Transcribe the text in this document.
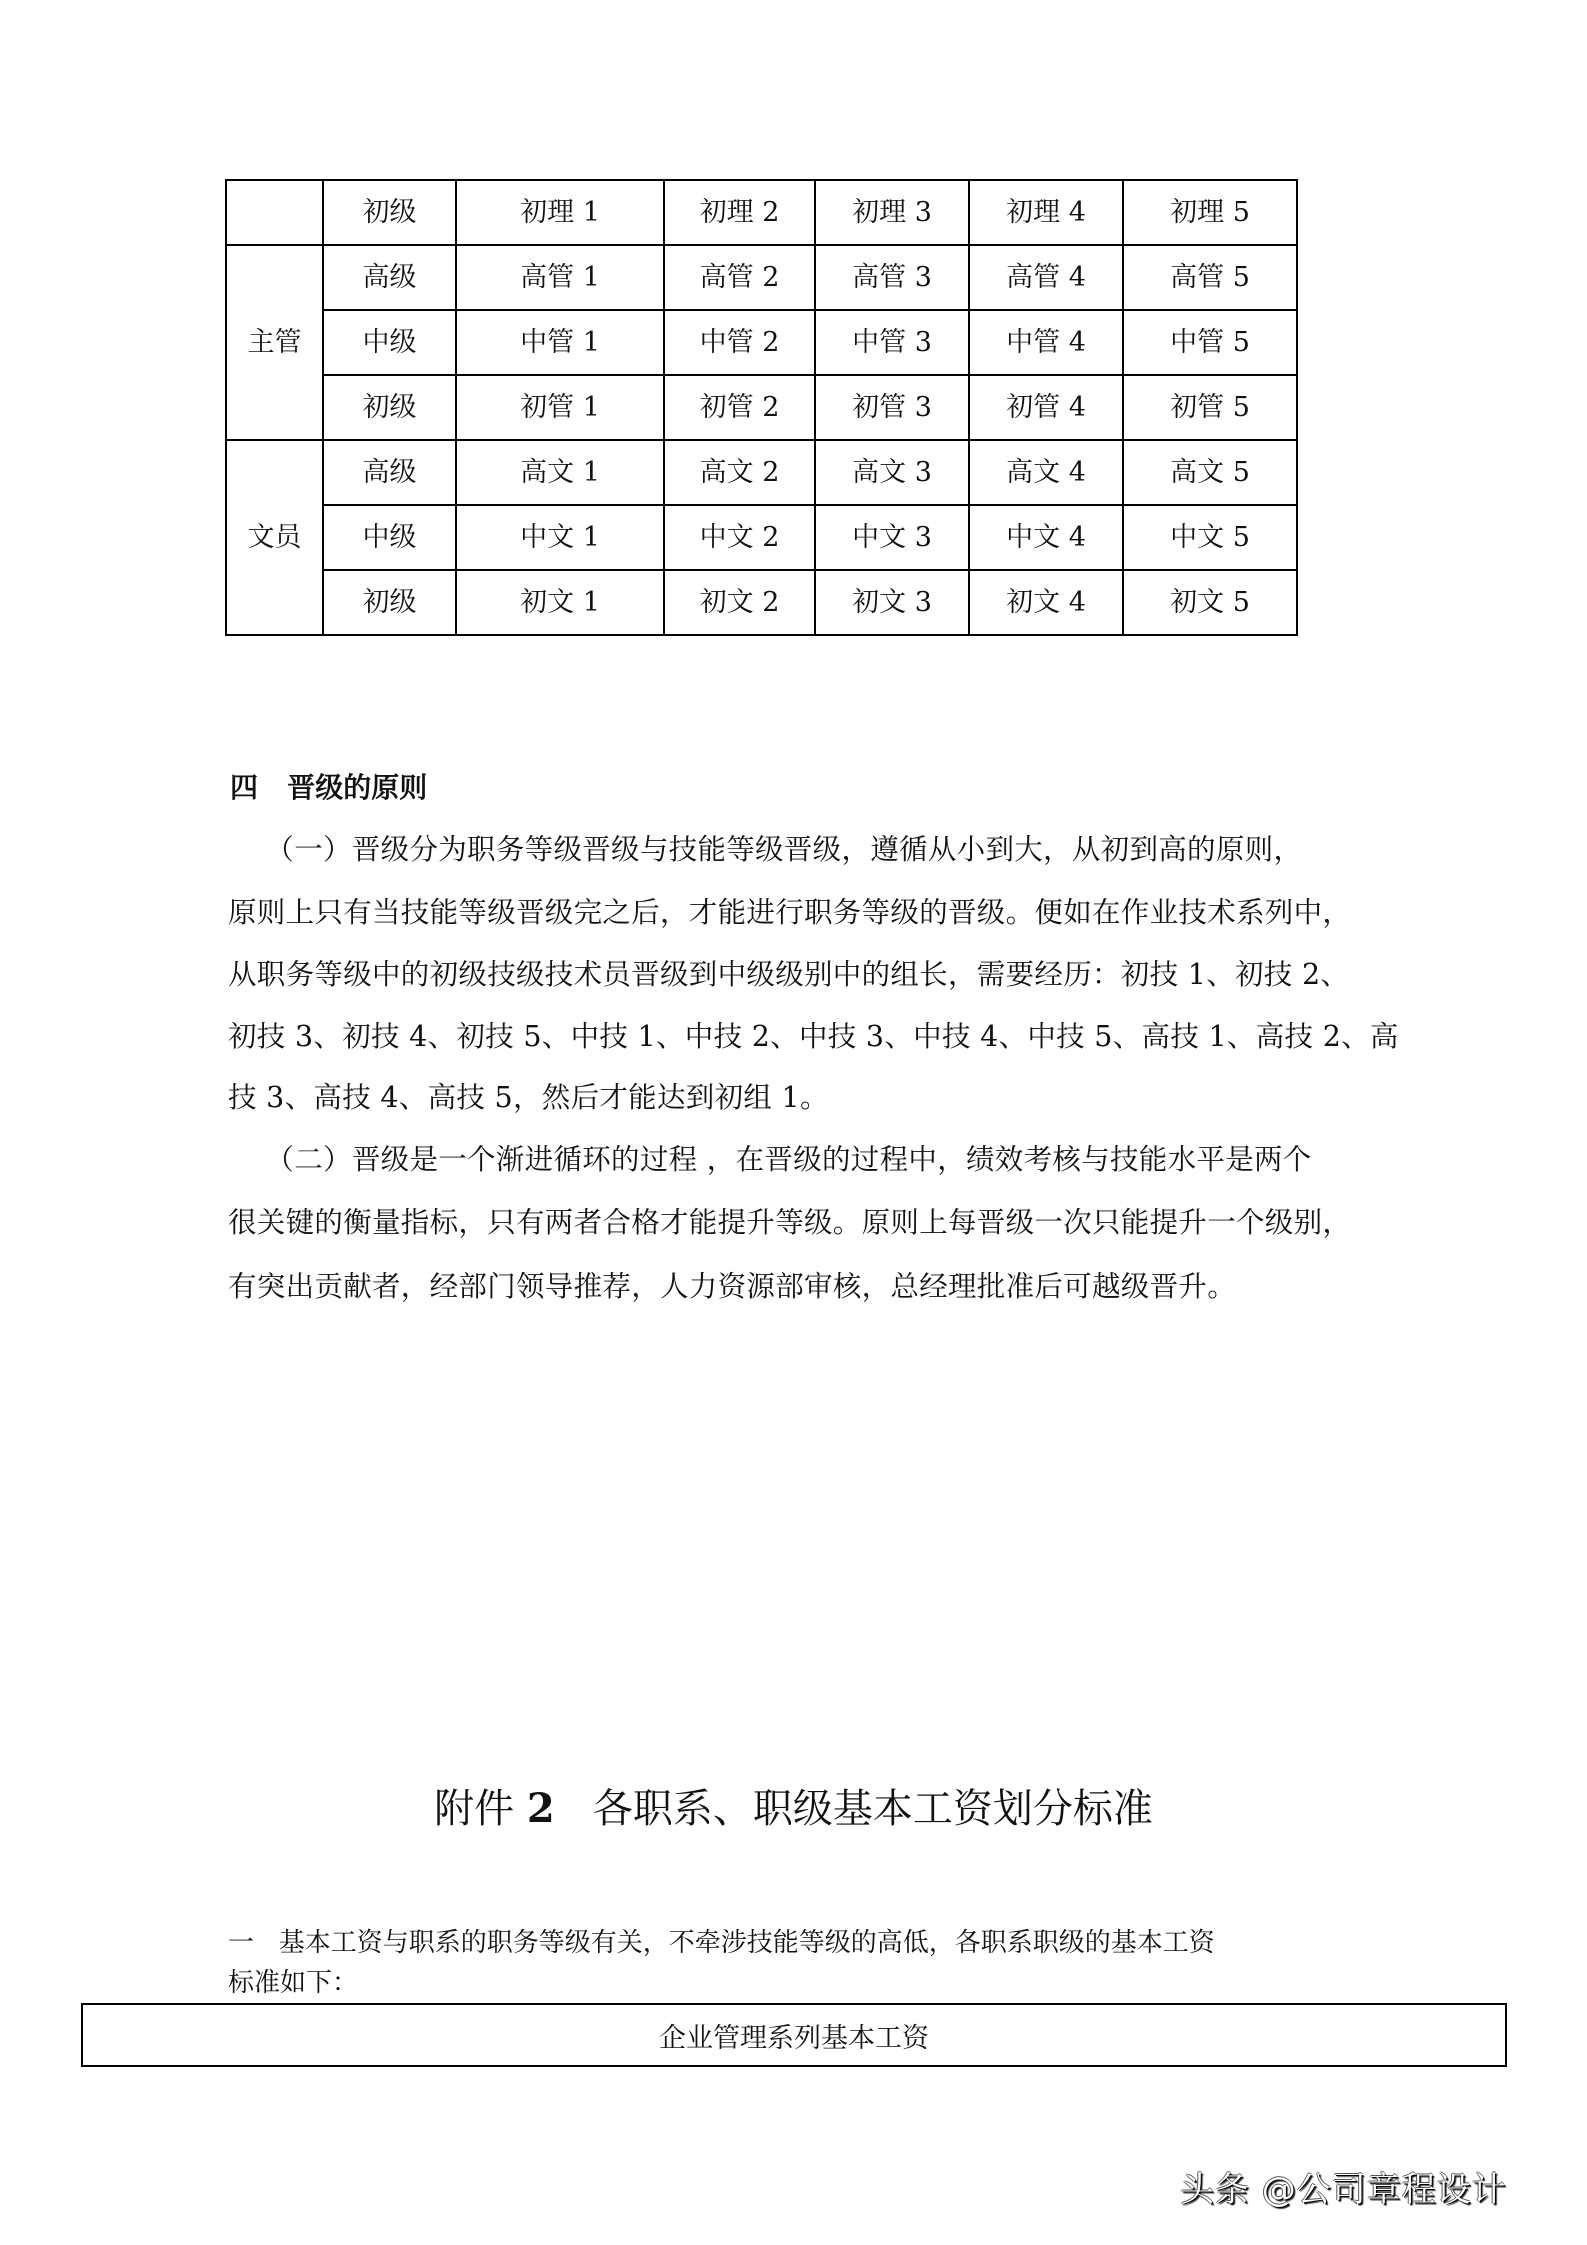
	初级	初理 1	初理 2	初理 3	初理 4	初理 5
主管	高级	高管 1	高管 2	高管 3	高管 4	高管 5
	中级	中管 1	中管 2	中管 3	中管 4	中管 5
	初级	初管 1	初管 2	初管 3	初管 4	初管 5
文员	高级	高文 1	高文 2	高文 3	高文 4	高文 5
	中级	中文 1	中文 2	中文 3	中文 4	中文 5
	初级	初文 1	初文 2	初文 3	初文 4	初文 5
四   晋级的原则
（一）晋级分为职务等级晋级与技能等级晋级，遵循从小到大，从初到高的原则，
原则上只有当技能等级晋级完之后，才能进行职务等级的晋级。便如在作业技术系列中，
从职务等级中的初级技级技术员晋级到中级级别中的组长，需要经历：初技 1、初技 2、
初技 3、初技 4、初技 5、中技 1、中技 2、中技 3、中技 4、中技 5、高技 1、高技 2、高
技 3、高技 4、高技 5，然后才能达到初组 1。
（二）晋级是一个渐进循环的过程 ，在晋级的过程中，绩效考核与技能水平是两个
很关键的衡量指标，只有两者合格才能提升等级。原则上每晋级一次只能提升一个级别，
有突出贡献者，经部门领导推荐，人力资源部审核，总经理批准后可越级晋升。
附件 2   各职系、职级基本工资划分标准
一   基本工资与职系的职务等级有关，不牵涉技能等级的高低，各职系职级的基本工资
标准如下：
企业管理系列基本工资
头条 @公司章程设计
